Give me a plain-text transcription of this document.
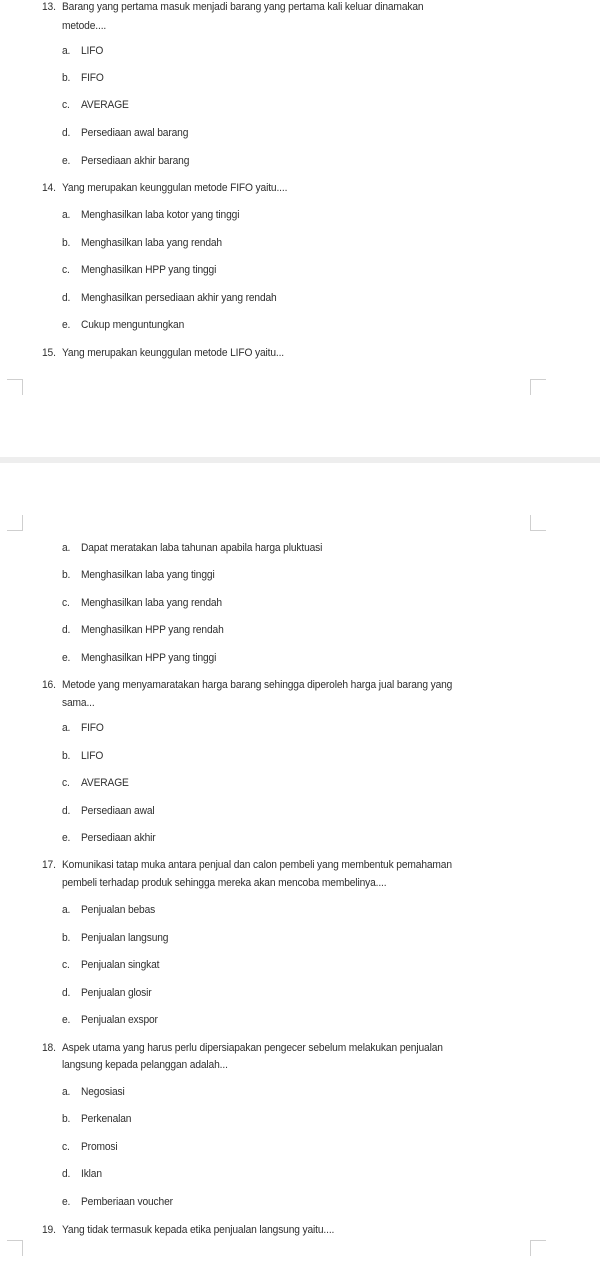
13. Barang yang pertama masuk menjadi barang yang pertama kali keluar dinamakan
metode....
a. LIFO
b. FIFO
c. AVERAGE
d. Persediaan awal barang
e. Persediaan akhir barang
14. Yang merupakan keunggulan metode FIFO yaitu....
a. Menghasilkan laba kotor yang tinggi
b. Menghasilkan laba yang rendah
c. Menghasilkan HPP yang tinggi
d. Menghasilkan persediaan akhir yang rendah
e. Cukup menguntungkan
15. Yang merupakan keunggulan metode LIFO yaitu...
a. Dapat meratakan laba tahunan apabila harga pluktuasi
b. Menghasilkan laba yang tinggi
c. Menghasilkan laba yang rendah
d. Menghasilkan HPP yang rendah
e. Menghasilkan HPP yang tinggi
16. Metode yang menyamaratakan harga barang sehingga diperoleh harga jual barang yang
sama...
a. FIFO
b. LIFO
c. AVERAGE
d. Persediaan awal
e. Persediaan akhir
17. Komunikasi tatap muka antara penjual dan calon pembeli yang membentuk pemahaman
pembeli terhadap produk sehingga mereka akan mencoba membelinya....
a. Penjualan bebas
b. Penjualan langsung
c. Penjualan singkat
d. Penjualan glosir
e. Penjualan exspor
18. Aspek utama yang harus perlu dipersiapakan pengecer sebelum melakukan penjualan
langsung kepada pelanggan adalah...
a. Negosiasi
b. Perkenalan
c. Promosi
d. Iklan
e. Pemberiaan voucher
19. Yang tidak termasuk kepada etika penjualan langsung yaitu....
